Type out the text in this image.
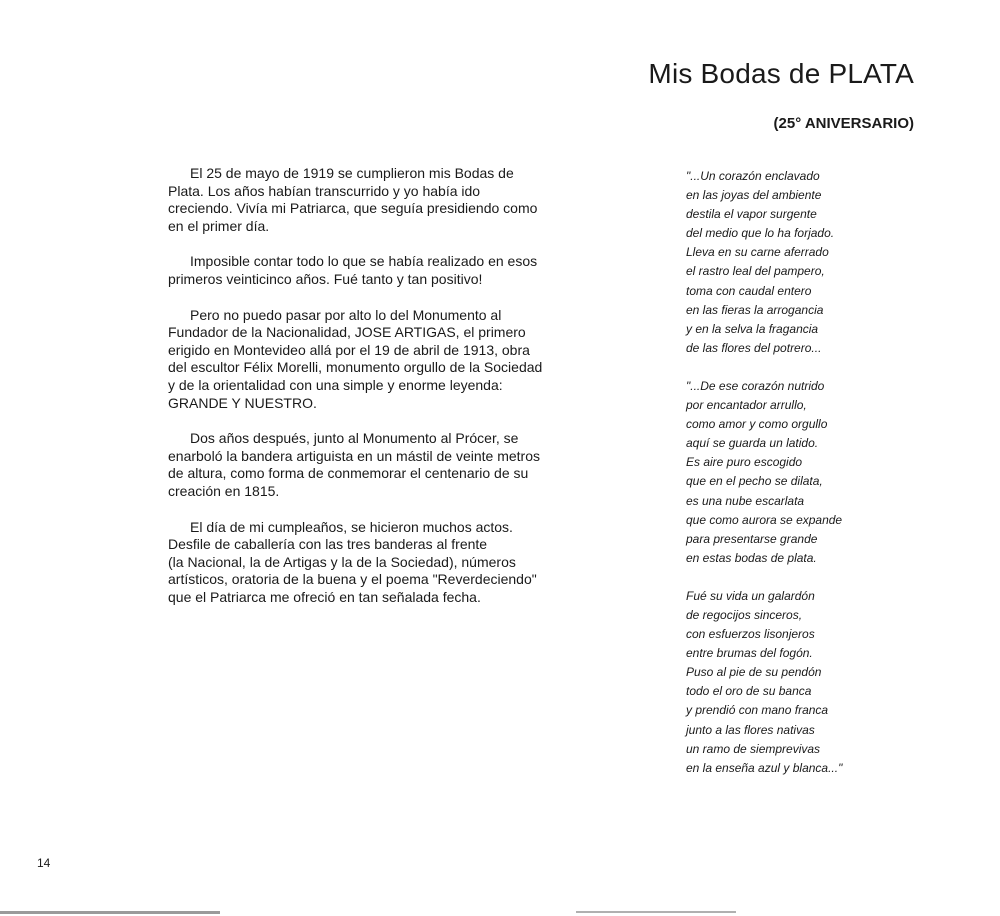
Mis Bodas de PLATA
(25° ANIVERSARIO)

El 25 de mayo de 1919 se cumplieron mis Bodas de
Plata. Los años habían transcurrido y yo había ido
creciendo. Vivía mi Patriarca, que seguía presidiendo como
en el primer día.

Imposible contar todo lo que se había realizado en esos
primeros veinticinco años. Fué tanto y tan positivo!

Pero no puedo pasar por alto lo del Monumento al
Fundador de la Nacionalidad, JOSE ARTIGAS, el primero
erigido en Montevideo allá por el 19 de abril de 1913, obra
del escultor Félix Morelli, monumento orgullo de la Sociedad
y de la orientalidad con una simple y enorme leyenda:
GRANDE Y NUESTRO.

Dos años después, junto al Monumento al Prócer, se
enarboló la bandera artiguista en un mástil de veinte metros
de altura, como forma de conmemorar el centenario de su
creación en 1815.

El día de mi cumpleaños, se hicieron muchos actos.
Desfile de caballería con las tres banderas al frente
(la Nacional, la de Artigas y la de la Sociedad), números
artísticos, oratoria de la buena y el poema "Reverdeciendo"
que el Patriarca me ofreció en tan señalada fecha.

"...Un corazón enclavado
en las joyas del ambiente
destila el vapor surgente
del medio que lo ha forjado.
Lleva en su carne aferrado
el rastro leal del pampero,
toma con caudal entero
en las fieras la arrogancia
y en la selva la fragancia
de las flores del potrero...
"...De ese corazón nutrido
por encantador arrullo,
como amor y como orgullo
aquí se guarda un latido.
Es aire puro escogido
que en el pecho se dilata,
es una nube escarlata
que como aurora se expande
para presentarse grande
en estas bodas de plata.
Fué su vida un galardón
de regocijos sinceros,
con esfuerzos lisonjeros
entre brumas del fogón.
Puso al pie de su pendón
todo el oro de su banca
y prendió con mano franca
junto a las flores nativas
un ramo de siemprevivas
en la enseña azul y blanca..."

14
